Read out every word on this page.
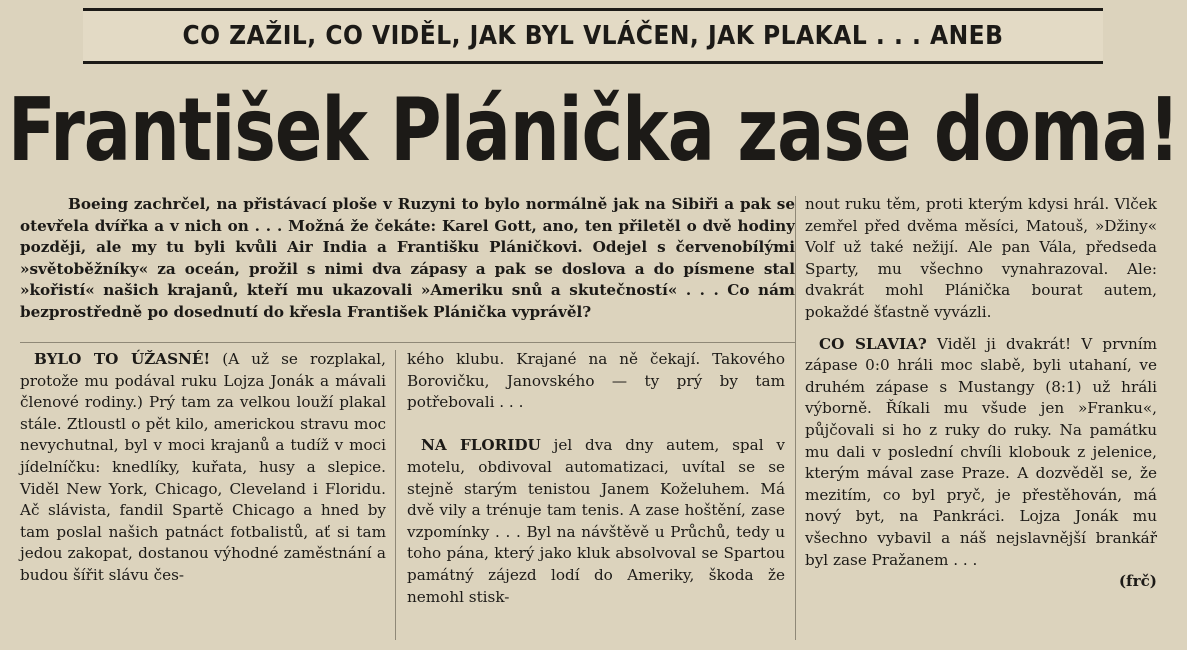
CO ZAŽIL, CO VIDĚL, JAK BYL VLÁČEN, JAK PLAKAL . . . ANEB
František Plánička zase doma!

Boeing zachrčel, na přistávací ploše v Ruzyni to bylo normálně jak na Sibiři a pak se otevřela dvířka a v nich on . . . Možná že čekáte: Karel Gott, ano, ten přiletěl o dvě hodiny později, ale my tu byli kvůli Air India a Františku Pláničkovi. Odejel s červenobílými »světoběžníky« za oceán, prožil s nimi dva zápasy a pak se doslova a do písmene stal »kořistí« našich krajanů, kteří mu ukazovali »Ameriku snů a skutečností« . . . Co nám bezprostředně po dosednutí do křesla František Plánička vyprávěl?

BYLO TO ÚŽASNÉ! (A už se rozplakal, protože mu podával ruku Lojza Jonák a mávali členové rodiny.) Prý tam za velkou louží plakal stále. Ztloustl o pět kilo, americkou stravu moc nevychutnal, byl v moci krajanů a tudíž v moci jídelníčku: knedlíky, kuřata, husy a slepice. Viděl New York, Chicago, Cleveland i Floridu. Ač slávista, fandil Spartě Chicago a hned by tam poslal našich patnáct fotbalistů, ať si tam jedou zakopat, dostanou výhodné zaměstnání a budou šířit slávu čes-

kého klubu. Krajané na ně čekají. Takového Borovičku, Janovského — ty prý by tam potřebovali . . .

NA FLORIDU jel dva dny autem, spal v motelu, obdivoval automatizaci, uvítal se se stejně starým tenistou Janem Koželuhem. Má dvě vily a trénuje tam tenis. A zase hoštění, zase vzpomínky . . . Byl na návštěvě u Průchů, tedy u toho pána, který jako kluk absolvoval se Spartou památný zájezd lodí do Ameriky, škoda že nemohl stisk-

nout ruku těm, proti kterým kdysi hrál. Vlček zemřel před dvěma měsíci, Matouš, »Džiny« Volf už také nežijí. Ale pan Vála, předseda Sparty, mu všechno vynahrazoval. Ale: dvakrát mohl Plánička bourat autem, pokaždé šťastně vyvázli.

CO SLAVIA? Viděl ji dvakrát! V prvním zápase 0:0 hráli moc slabě, byli utahaní, ve druhém zápase s Mustangy (8:1) už hráli výborně. Říkali mu všude jen »Franku«, půjčovali si ho z ruky do ruky. Na památku mu dali v poslední chvíli klobouk z jelenice, kterým mával zase Praze. A dozvěděl se, že mezitím, co byl pryč, je přestěhován, má nový byt, na Pankráci. Lojza Jonák mu všechno vybavil a náš nejslavnější brankář byl zase Pražanem . . .

(frč)
